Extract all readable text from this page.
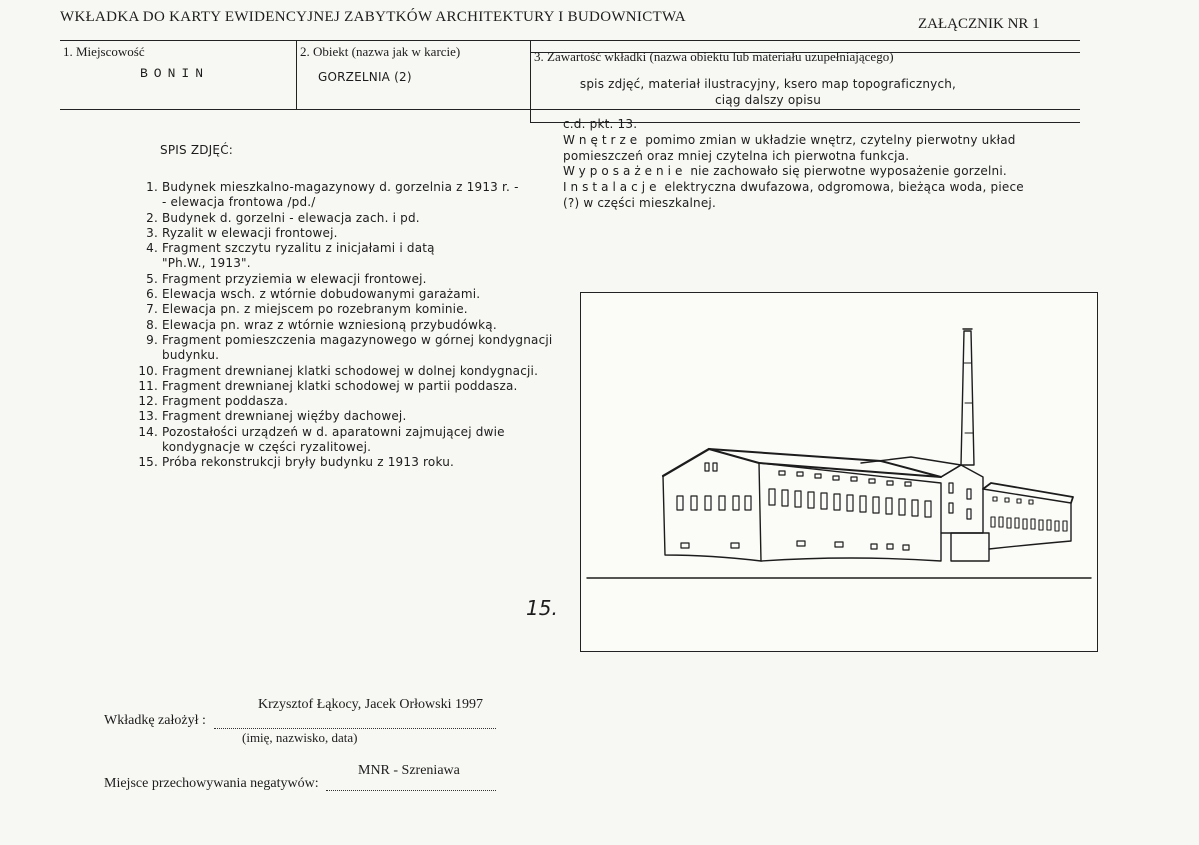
WKŁADKA DO KARTY EWIDENCYJNEJ ZABYTKÓW ARCHITEKTURY I BUDOWNICTWA	ZAŁĄCZNIK NR 1
1. Miejscowość
BONIN
2. Obiekt (nazwa jak w karcie)
GORZELNIA (2)
3. Zawartość wkładki (nazwa obiektu lub materiału uzupełniającego)
spis zdjęć, materiał ilustracyjny, ksero map topograficznych,
ciąg dalszy opisu
SPIS ZDJĘĆ:
1. Budynek mieszkalno-magazynowy d. gorzelnia z 1913 r. -
- elewacja frontowa /pd./
2. Budynek d. gorzelni - elewacja zach. i pd.
3. Ryzalit w elewacji frontowej.
4. Fragment szczytu ryzalitu z inicjałami i datą
"Ph.W., 1913".
5. Fragment przyziemia w elewacji frontowej.
6. Elewacja wsch. z wtórnie dobudowanymi garażami.
7. Elewacja pn. z miejscem po rozebranym kominie.
8. Elewacja pn. wraz z wtórnie wzniesioną przybudówką.
9. Fragment pomieszczenia magazynowego w górnej kondygnacji
budynku.
10. Fragment drewnianej klatki schodowej w dolnej kondygnacji.
11. Fragment drewnianej klatki schodowej w partii poddasza.
12. Fragment poddasza.
13. Fragment drewnianej więźby dachowej.
14. Pozostałości urządzeń w d. aparatowni zajmującej dwie
kondygnacje w części ryzalitowej.
15. Próba rekonstrukcji bryły budynku z 1913 roku.
c.d. pkt. 13.
Wnętrze pomimo zmian w układzie wnętrz, czytelny pierwotny układ
pomieszczeń oraz mniej czytelna ich pierwotna funkcja.
Wyposażenie nie zachowało się pierwotne wyposażenie gorzelni.
Instalacje elektryczna dwufazowa, odgromowa, bieżąca woda, piece
(?) w części mieszkalnej.
15.
Krzysztof Łąkocy, Jacek Orłowski 1997
Wkładkę założył :
(imię, nazwisko, data)
MNR - Szreniawa
Miejsce przechowywania negatywów:
